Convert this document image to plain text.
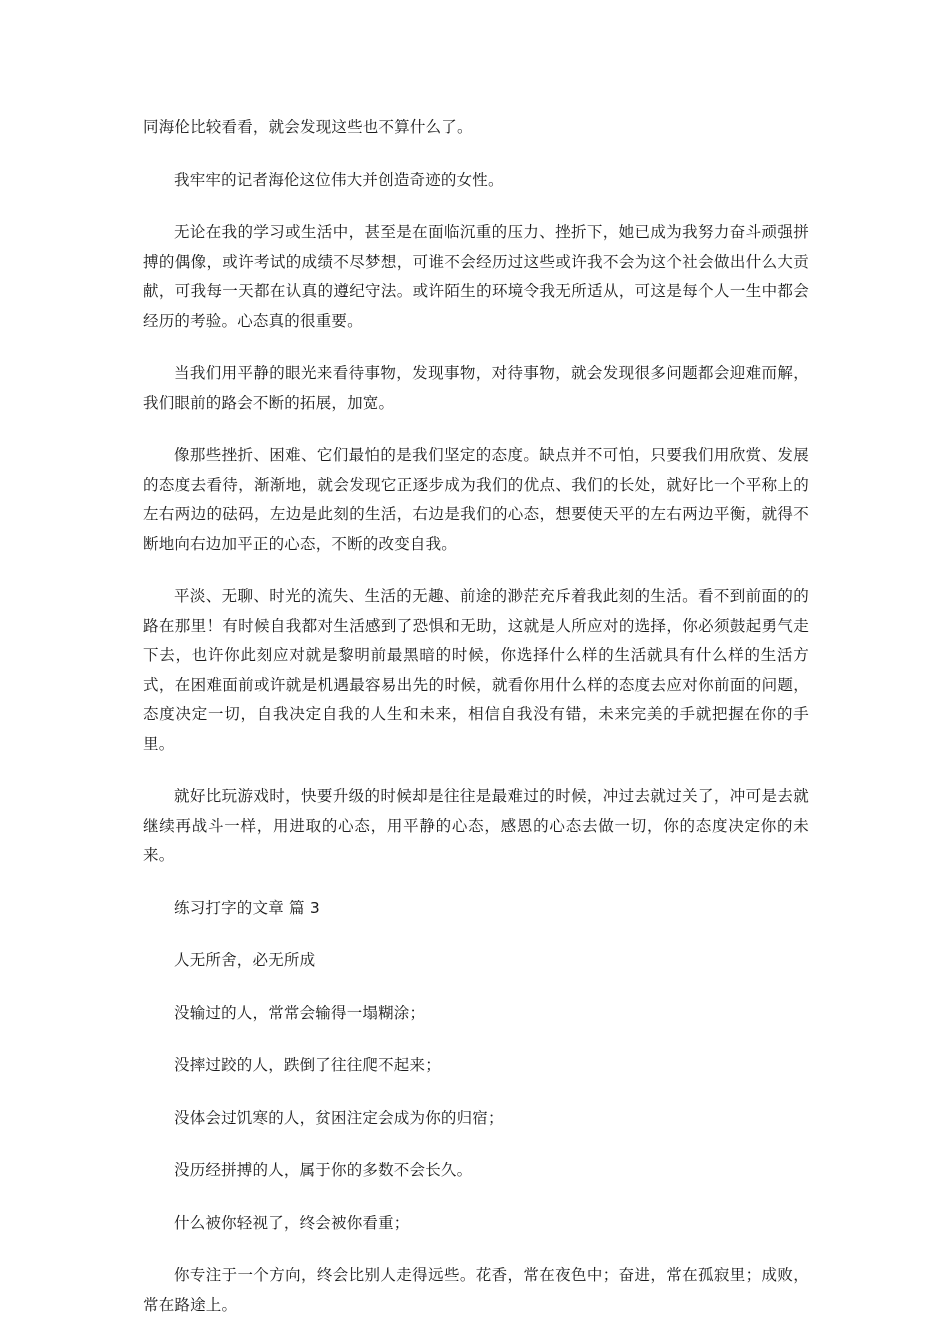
同海伦比较看看，就会发现这些也不算什么了。

我牢牢的记者海伦这位伟大并创造奇迹的女性。

无论在我的学习或生活中，甚至是在面临沉重的压力、挫折下，她已成为我努力奋斗顽强拼搏的偶像，或许考试的成绩不尽梦想，可谁不会经历过这些或许我不会为这个社会做出什么大贡献，可我每一天都在认真的遵纪守法。或许陌生的环境令我无所适从，可这是每个人一生中都会经历的考验。心态真的很重要。

当我们用平静的眼光来看待事物，发现事物，对待事物，就会发现很多问题都会迎难而解，我们眼前的路会不断的拓展，加宽。

像那些挫折、困难、它们最怕的是我们坚定的态度。缺点并不可怕，只要我们用欣赏、发展的态度去看待，渐渐地，就会发现它正逐步成为我们的优点、我们的长处，就好比一个平称上的左右两边的砝码，左边是此刻的生活，右边是我们的心态，想要使天平的左右两边平衡，就得不断地向右边加平正的心态，不断的改变自我。

平淡、无聊、时光的流失、生活的无趣、前途的渺茫充斥着我此刻的生活。看不到前面的的路在那里！有时候自我都对生活感到了恐惧和无助，这就是人所应对的选择，你必须鼓起勇气走下去，也许你此刻应对就是黎明前最黑暗的时候，你选择什么样的生活就具有什么样的生活方式，在困难面前或许就是机遇最容易出先的时候，就看你用什么样的态度去应对你前面的问题，态度决定一切，自我决定自我的人生和未来，相信自我没有错，未来完美的手就把握在你的手里。

就好比玩游戏时，快要升级的时候却是往往是最难过的时候，冲过去就过关了，冲可是去就继续再战斗一样，用进取的心态，用平静的心态，感恩的心态去做一切，你的态度决定你的未来。

练习打字的文章 篇 3

人无所舍，必无所成

没输过的人，常常会输得一塌糊涂；

没摔过跤的人，跌倒了往往爬不起来；

没体会过饥寒的人，贫困注定会成为你的归宿；

没历经拼搏的人，属于你的多数不会长久。

什么被你轻视了，终会被你看重；

你专注于一个方向，终会比别人走得远些。花香，常在夜色中；奋进，常在孤寂里；成败，常在路途上。
